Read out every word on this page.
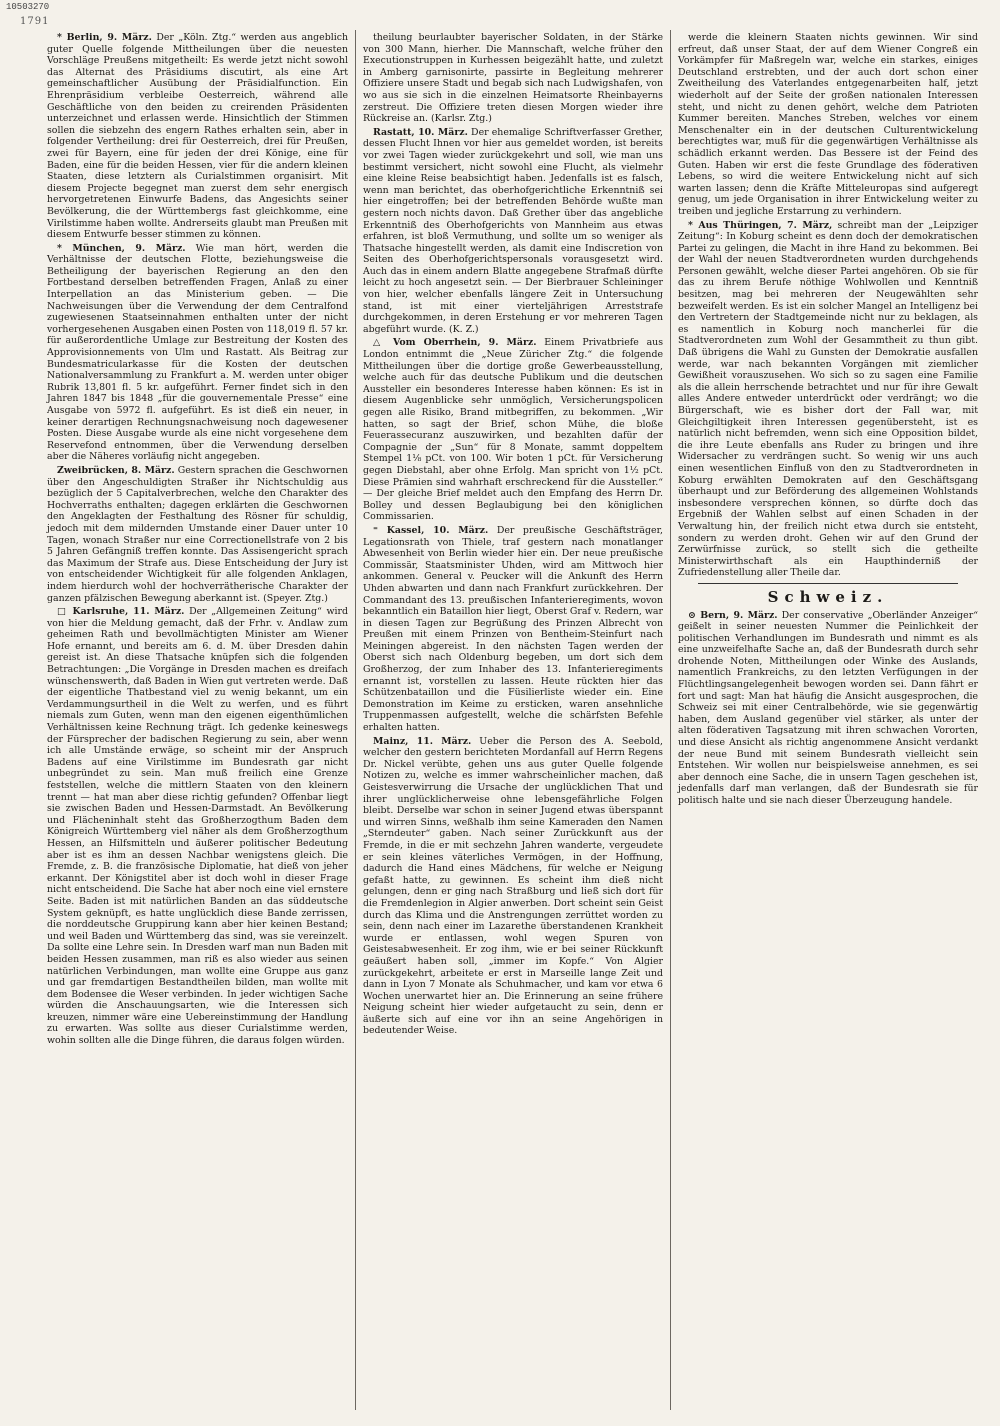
10503270
1791

* Berlin, 9. März. Der „Köln. Ztg.“ werden aus angeblich guter Quelle folgende Mittheilungen über die neuesten Vorschläge Preußens mitgetheilt: Es werde jetzt nicht sowohl das Alternat des Präsidiums discutirt, als eine Art gemeinschaftlicher Ausübung der Präsidialfunction. Ein Ehrenpräsidium verbleibe Oesterreich, während alle Geschäftliche von den beiden zu creirenden Präsidenten unterzeichnet und erlassen werde. Hinsichtlich der Stimmen sollen die siebzehn des engern Rathes erhalten sein, aber in folgender Vertheilung: drei für Oesterreich, drei für Preußen, zwei für Bayern, eine für jeden der drei Könige, eine für Baden, eine für die beiden Hessen, vier für die andern kleinen Staaten, diese letztern als Curialstimmen organisirt. Mit diesem Projecte begegnet man zuerst dem sehr energisch hervorgetretenen Einwurfe Badens, das Angesichts seiner Bevölkerung, die der Württembergs fast gleichkomme, eine Virilstimme haben wollte. Andrerseits glaubt man Preußen mit diesem Entwurfe besser stimmen zu können.

* München, 9. März. Wie man hört, werden die Verhältnisse der deutschen Flotte, beziehungsweise die Betheiligung der bayerischen Regierung an den den Fortbestand derselben betreffenden Fragen, Anlaß zu einer Interpellation an das Ministerium geben. — Die Nachweisungen über die Verwendung der dem Centralfond zugewiesenen Staatseinnahmen enthalten unter der nicht vorhergesehenen Ausgaben einen Posten von 118,019 fl. 57 kr. für außerordentliche Umlage zur Bestreitung der Kosten des Approvisionnements von Ulm und Rastatt. Als Beitrag zur Bundesmatricularkasse für die Kosten der deutschen Nationalversammlung zu Frankfurt a. M. werden unter obiger Rubrik 13,801 fl. 5 kr. aufgeführt. Ferner findet sich in den Jahren 1847 bis 1848 „für die gouvernementale Presse“ eine Ausgabe von 5972 fl. aufgeführt. Es ist dieß ein neuer, in keiner derartigen Rechnungsnachweisung noch dagewesener Posten. Diese Ausgabe wurde als eine nicht vorgesehene dem Reservefond entnommen, über die Verwendung derselben aber die Näheres vorläufig nicht angegeben.

Zweibrücken, 8. März. Gestern sprachen die Geschwornen über den Angeschuldigten Straßer ihr Nichtschuldig aus bezüglich der 5 Capitalverbrechen, welche den Charakter des Hochverraths enthalten; dagegen erklärten die Geschwornen den Angeklagten der Festhaltung des Rösner für schuldig, jedoch mit dem mildernden Umstande einer Dauer unter 10 Tagen, wonach Straßer nur eine Correctionellstrafe von 2 bis 5 Jahren Gefängniß treffen konnte. Das Assisengericht sprach das Maximum der Strafe aus. Diese Entscheidung der Jury ist von entscheidender Wichtigkeit für alle folgenden Anklagen, indem hierdurch wohl der hochverrätherische Charakter der ganzen pfälzischen Bewegung aberkannt ist. (Speyer. Ztg.)

□ Karlsruhe, 11. März. Der „Allgemeinen Zeitung“ wird von hier die Meldung gemacht, daß der Frhr. v. Andlaw zum geheimen Rath und bevollmächtigten Minister am Wiener Hofe ernannt, und bereits am 6. d. M. über Dresden dahin gereist ist. An diese Thatsache knüpfen sich die folgenden Betrachtungen: „Die Vorgänge in Dresden machen es dreifach wünschenswerth, daß Baden in Wien gut vertreten werde. Daß der eigentliche Thatbestand viel zu wenig bekannt, um ein Verdammungsurtheil in die Welt zu werfen, und es führt niemals zum Guten, wenn man den eigenen eigenthümlichen Verhältnissen keine Rechnung trägt. Ich gedenke keineswegs der Fürsprecher der badischen Regierung zu sein, aber wenn ich alle Umstände erwäge, so scheint mir der Anspruch Badens auf eine Virilstimme im Bundesrath gar nicht unbegründet zu sein. Man muß freilich eine Grenze feststellen, welche die mittlern Staaten von den kleinern trennt — hat man aber diese richtig gefunden? Offenbar liegt sie zwischen Baden und Hessen-Darmstadt. An Bevölkerung und Flächeninhalt steht das Großherzogthum Baden dem Königreich Württemberg viel näher als dem Großherzogthum Hessen, an Hilfsmitteln und äußerer politischer Bedeutung aber ist es ihm an dessen Nachbar wenigstens gleich. Die Fremde, z. B. die französische Diplomatie, hat dieß von jeher erkannt. Der Königstitel aber ist doch wohl in dieser Frage nicht entscheidend. Die Sache hat aber noch eine viel ernstere Seite. Baden ist mit natürlichen Banden an das süddeutsche System geknüpft, es hatte unglücklich diese Bande zerrissen, die norddeutsche Gruppirung kann aber hier keinen Bestand; und weil Baden und Württemberg das sind, was sie vereinzelt. Da sollte eine Lehre sein. In Dresden warf man nun Baden mit beiden Hessen zusammen, man riß es also wieder aus seinen natürlichen Verbindungen, man wollte eine Gruppe aus ganz und gar fremdartigen Bestandtheilen bilden, man wollte mit dem Bodensee die Weser verbinden. In jeder wichtigen Sache würden die Anschauungsarten, wie die Interessen sich kreuzen, nimmer wäre eine Uebereinstimmung der Handlung zu erwarten. Was sollte aus dieser Curialstimme werden, wohin sollten alle die Dinge führen, die daraus folgen würden.

theilung beurlaubter bayerischer Soldaten, in der Stärke von 300 Mann, hierher. Die Mannschaft, welche früher den Executionstruppen in Kurhessen beigezählt hatte, und zuletzt in Amberg garnisonirte, passirte in Begleitung mehrerer Offiziere unsere Stadt und begab sich nach Ludwigshafen, von wo aus sie sich in die einzelnen Heimatsorte Rheinbayerns zerstreut. Die Offiziere treten diesen Morgen wieder ihre Rückreise an. (Karlsr. Ztg.)

Rastatt, 10. März. Der ehemalige Schriftverfasser Grether, dessen Flucht Ihnen vor hier aus gemeldet worden, ist bereits vor zwei Tagen wieder zurückgekehrt und soll, wie man uns bestimmt versichert, nicht sowohl eine Flucht, als vielmehr eine kleine Reise beabsichtigt haben. Jedenfalls ist es falsch, wenn man berichtet, das oberhofgerichtliche Erkenntniß sei hier eingetroffen; bei der betreffenden Behörde wußte man gestern noch nichts davon. Daß Grether über das angebliche Erkenntniß des Oberhofgerichts von Mannheim aus etwas erfahren, ist bloß Vermuthung, und sollte um so weniger als Thatsache hingestellt werden, als damit eine Indiscretion von Seiten des Oberhofgerichtspersonals vorausgesetzt wird. Auch das in einem andern Blatte angegebene Strafmaß dürfte leicht zu hoch angesetzt sein. — Der Bierbrauer Schleininger von hier, welcher ebenfalls längere Zeit in Untersuchung stand, ist mit einer vierteljährigen Arreststrafe durchgekommen, in deren Erstehung er vor mehreren Tagen abgeführt wurde. (K. Z.)

△ Vom Oberrhein, 9. März. Einem Privatbriefe aus London entnimmt die „Neue Züricher Ztg.“ die folgende Mittheilungen über die dortige große Gewerbeausstellung, welche auch für das deutsche Publikum und die deutschen Aussteller ein besonderes Interesse haben können: Es ist in diesem Augenblicke sehr unmöglich, Versicherungspolicen gegen alle Risiko, Brand mitbegriffen, zu bekommen. „Wir hatten, so sagt der Brief, schon Mühe, die bloße Feuerassecuranz auszuwirken, und bezahlten dafür der Compagnie der „Sun“ für 8 Monate, sammt doppeltem Stempel 1⅛ pCt. von 100. Wir boten 1 pCt. für Versicherung gegen Diebstahl, aber ohne Erfolg. Man spricht von 1½ pCt. Diese Prämien sind wahrhaft erschreckend für die Aussteller.“ — Der gleiche Brief meldet auch den Empfang des Herrn Dr. Bolley und dessen Beglaubigung bei den königlichen Commissarien.

⁼ Kassel, 10. März. Der preußische Geschäftsträger, Legationsrath von Thiele, traf gestern nach monatlanger Abwesenheit von Berlin wieder hier ein. Der neue preußische Commissär, Staatsminister Uhden, wird am Mittwoch hier ankommen. General v. Peucker will die Ankunft des Herrn Uhden abwarten und dann nach Frankfurt zurückkehren. Der Commandant des 13. preußischen Infanterieregiments, wovon bekanntlich ein Bataillon hier liegt, Oberst Graf v. Redern, war in diesen Tagen zur Begrüßung des Prinzen Albrecht von Preußen mit einem Prinzen von Bentheim-Steinfurt nach Meiningen abgereist. In den nächsten Tagen werden der Oberst sich nach Oldenburg begeben, um dort sich dem Großherzog, der zum Inhaber des 13. Infanterieregiments ernannt ist, vorstellen zu lassen. Heute rückten hier das Schützenbataillon und die Füsilierliste wieder ein. Eine Demonstration im Keime zu ersticken, waren ansehnliche Truppenmassen aufgestellt, welche die schärfsten Befehle erhalten hatten.

Mainz, 11. März. Ueber die Person des A. Seebold, welcher den gestern berichteten Mordanfall auf Herrn Regens Dr. Nickel verübte, gehen uns aus guter Quelle folgende Notizen zu, welche es immer wahrscheinlicher machen, daß Geistesverwirrung die Ursache der unglücklichen That und ihrer unglücklicherweise ohne lebensgefährliche Folgen bleibt. Derselbe war schon in seiner Jugend etwas überspannt und wirren Sinns, weßhalb ihm seine Kameraden den Namen „Sterndeuter“ gaben. Nach seiner Zurückkunft aus der Fremde, in die er mit sechzehn Jahren wanderte, vergeudete er sein kleines väterliches Vermögen, in der Hoffnung, dadurch die Hand eines Mädchens, für welche er Neigung gefaßt hatte, zu gewinnen. Es scheint ihm dieß nicht gelungen, denn er ging nach Straßburg und ließ sich dort für die Fremdenlegion in Algier anwerben. Dort scheint sein Geist durch das Klima und die Anstrengungen zerrüttet worden zu sein, denn nach einer im Lazarethe überstandenen Krankheit wurde er entlassen, wohl wegen Spuren von Geistesabwesenheit. Er zog ihm, wie er bei seiner Rückkunft geäußert haben soll, „immer im Kopfe.“ Von Algier zurückgekehrt, arbeitete er erst in Marseille lange Zeit und dann in Lyon 7 Monate als Schuhmacher, und kam vor etwa 6 Wochen unerwartet hier an. Die Erinnerung an seine frühere Neigung scheint hier wieder aufgetaucht zu sein, denn er äußerte sich auf eine vor ihn an seine Angehörigen in bedeutender Weise.

werde die kleinern Staaten nichts gewinnen. Wir sind erfreut, daß unser Staat, der auf dem Wiener Congreß ein Vorkämpfer für Maßregeln war, welche ein starkes, einiges Deutschland erstrebten, und der auch dort schon einer Zweitheilung des Vaterlandes entgegenarbeiten half, jetzt wiederholt auf der Seite der großen nationalen Interessen steht, und nicht zu denen gehört, welche dem Patrioten Kummer bereiten. Manches Streben, welches vor einem Menschenalter ein in der deutschen Culturentwickelung berechtigtes war, muß für die gegenwärtigen Verhältnisse als schädlich erkannt werden. Das Bessere ist der Feind des Guten. Haben wir erst die feste Grundlage des föderativen Lebens, so wird die weitere Entwickelung nicht auf sich warten lassen; denn die Kräfte Mitteleuropas sind aufgeregt genug, um jede Organisation in ihrer Entwickelung weiter zu treiben und jegliche Erstarrung zu verhindern.

* Aus Thüringen, 7. März, schreibt man der „Leipziger Zeitung“: In Koburg scheint es denn doch der demokratischen Partei zu gelingen, die Macht in ihre Hand zu bekommen. Bei der Wahl der neuen Stadtverordneten wurden durchgehends Personen gewählt, welche dieser Partei angehören. Ob sie für das zu ihrem Berufe nöthige Wohlwollen und Kenntniß besitzen, mag bei mehreren der Neugewählten sehr bezweifelt werden. Es ist ein solcher Mangel an Intelligenz bei den Vertretern der Stadtgemeinde nicht nur zu beklagen, als es namentlich in Koburg noch mancherlei für die Stadtverordneten zum Wohl der Gesammtheit zu thun gibt. Daß übrigens die Wahl zu Gunsten der Demokratie ausfallen werde, war nach bekannten Vorgängen mit ziemlicher Gewißheit vorauszusehen. Wo sich so zu sagen eine Familie als die allein herrschende betrachtet und nur für ihre Gewalt alles Andere entweder unterdrückt oder verdrängt; wo die Bürgerschaft, wie es bisher dort der Fall war, mit Gleichgiltigkeit ihren Interessen gegenübersteht, ist es natürlich nicht befremden, wenn sich eine Opposition bildet, die ihre Leute ebenfalls ans Ruder zu bringen und ihre Widersacher zu verdrängen sucht. So wenig wir uns auch einen wesentlichen Einfluß von den zu Stadtverordneten in Koburg erwählten Demokraten auf den Geschäftsgang überhaupt und zur Beförderung des allgemeinen Wohlstands insbesondere versprechen können, so dürfte doch das Ergebniß der Wahlen selbst auf einen Schaden in der Verwaltung hin, der freilich nicht etwa durch sie entsteht, sondern zu werden droht. Gehen wir auf den Grund der Zerwürfnisse zurück, so stellt sich die getheilte Ministerwirthschaft als ein Haupthinderniß der Zufriedenstellung aller Theile dar.

Schweiz.

⊙ Bern, 9. März. Der conservative „Oberländer Anzeiger“ geißelt in seiner neuesten Nummer die Peinlichkeit der politischen Verhandlungen im Bundesrath und nimmt es als eine unzweifelhafte Sache an, daß der Bundesrath durch sehr drohende Noten, Mittheilungen oder Winke des Auslands, namentlich Frankreichs, zu den letzten Verfügungen in der Flüchtlingsangelegenheit bewogen worden sei. Dann fährt er fort und sagt: Man hat häufig die Ansicht ausgesprochen, die Schweiz sei mit einer Centralbehörde, wie sie gegenwärtig haben, dem Ausland gegenüber viel stärker, als unter der alten föderativen Tagsatzung mit ihren schwachen Vororten, und diese Ansicht als richtig angenommene Ansicht verdankt der neue Bund mit seinem Bundesrath vielleicht sein Entstehen. Wir wollen nur beispielsweise annehmen, es sei aber dennoch eine Sache, die in unsern Tagen geschehen ist, jedenfalls darf man verlangen, daß der Bundesrath sie für politisch halte und sie nach dieser Überzeugung handele.
